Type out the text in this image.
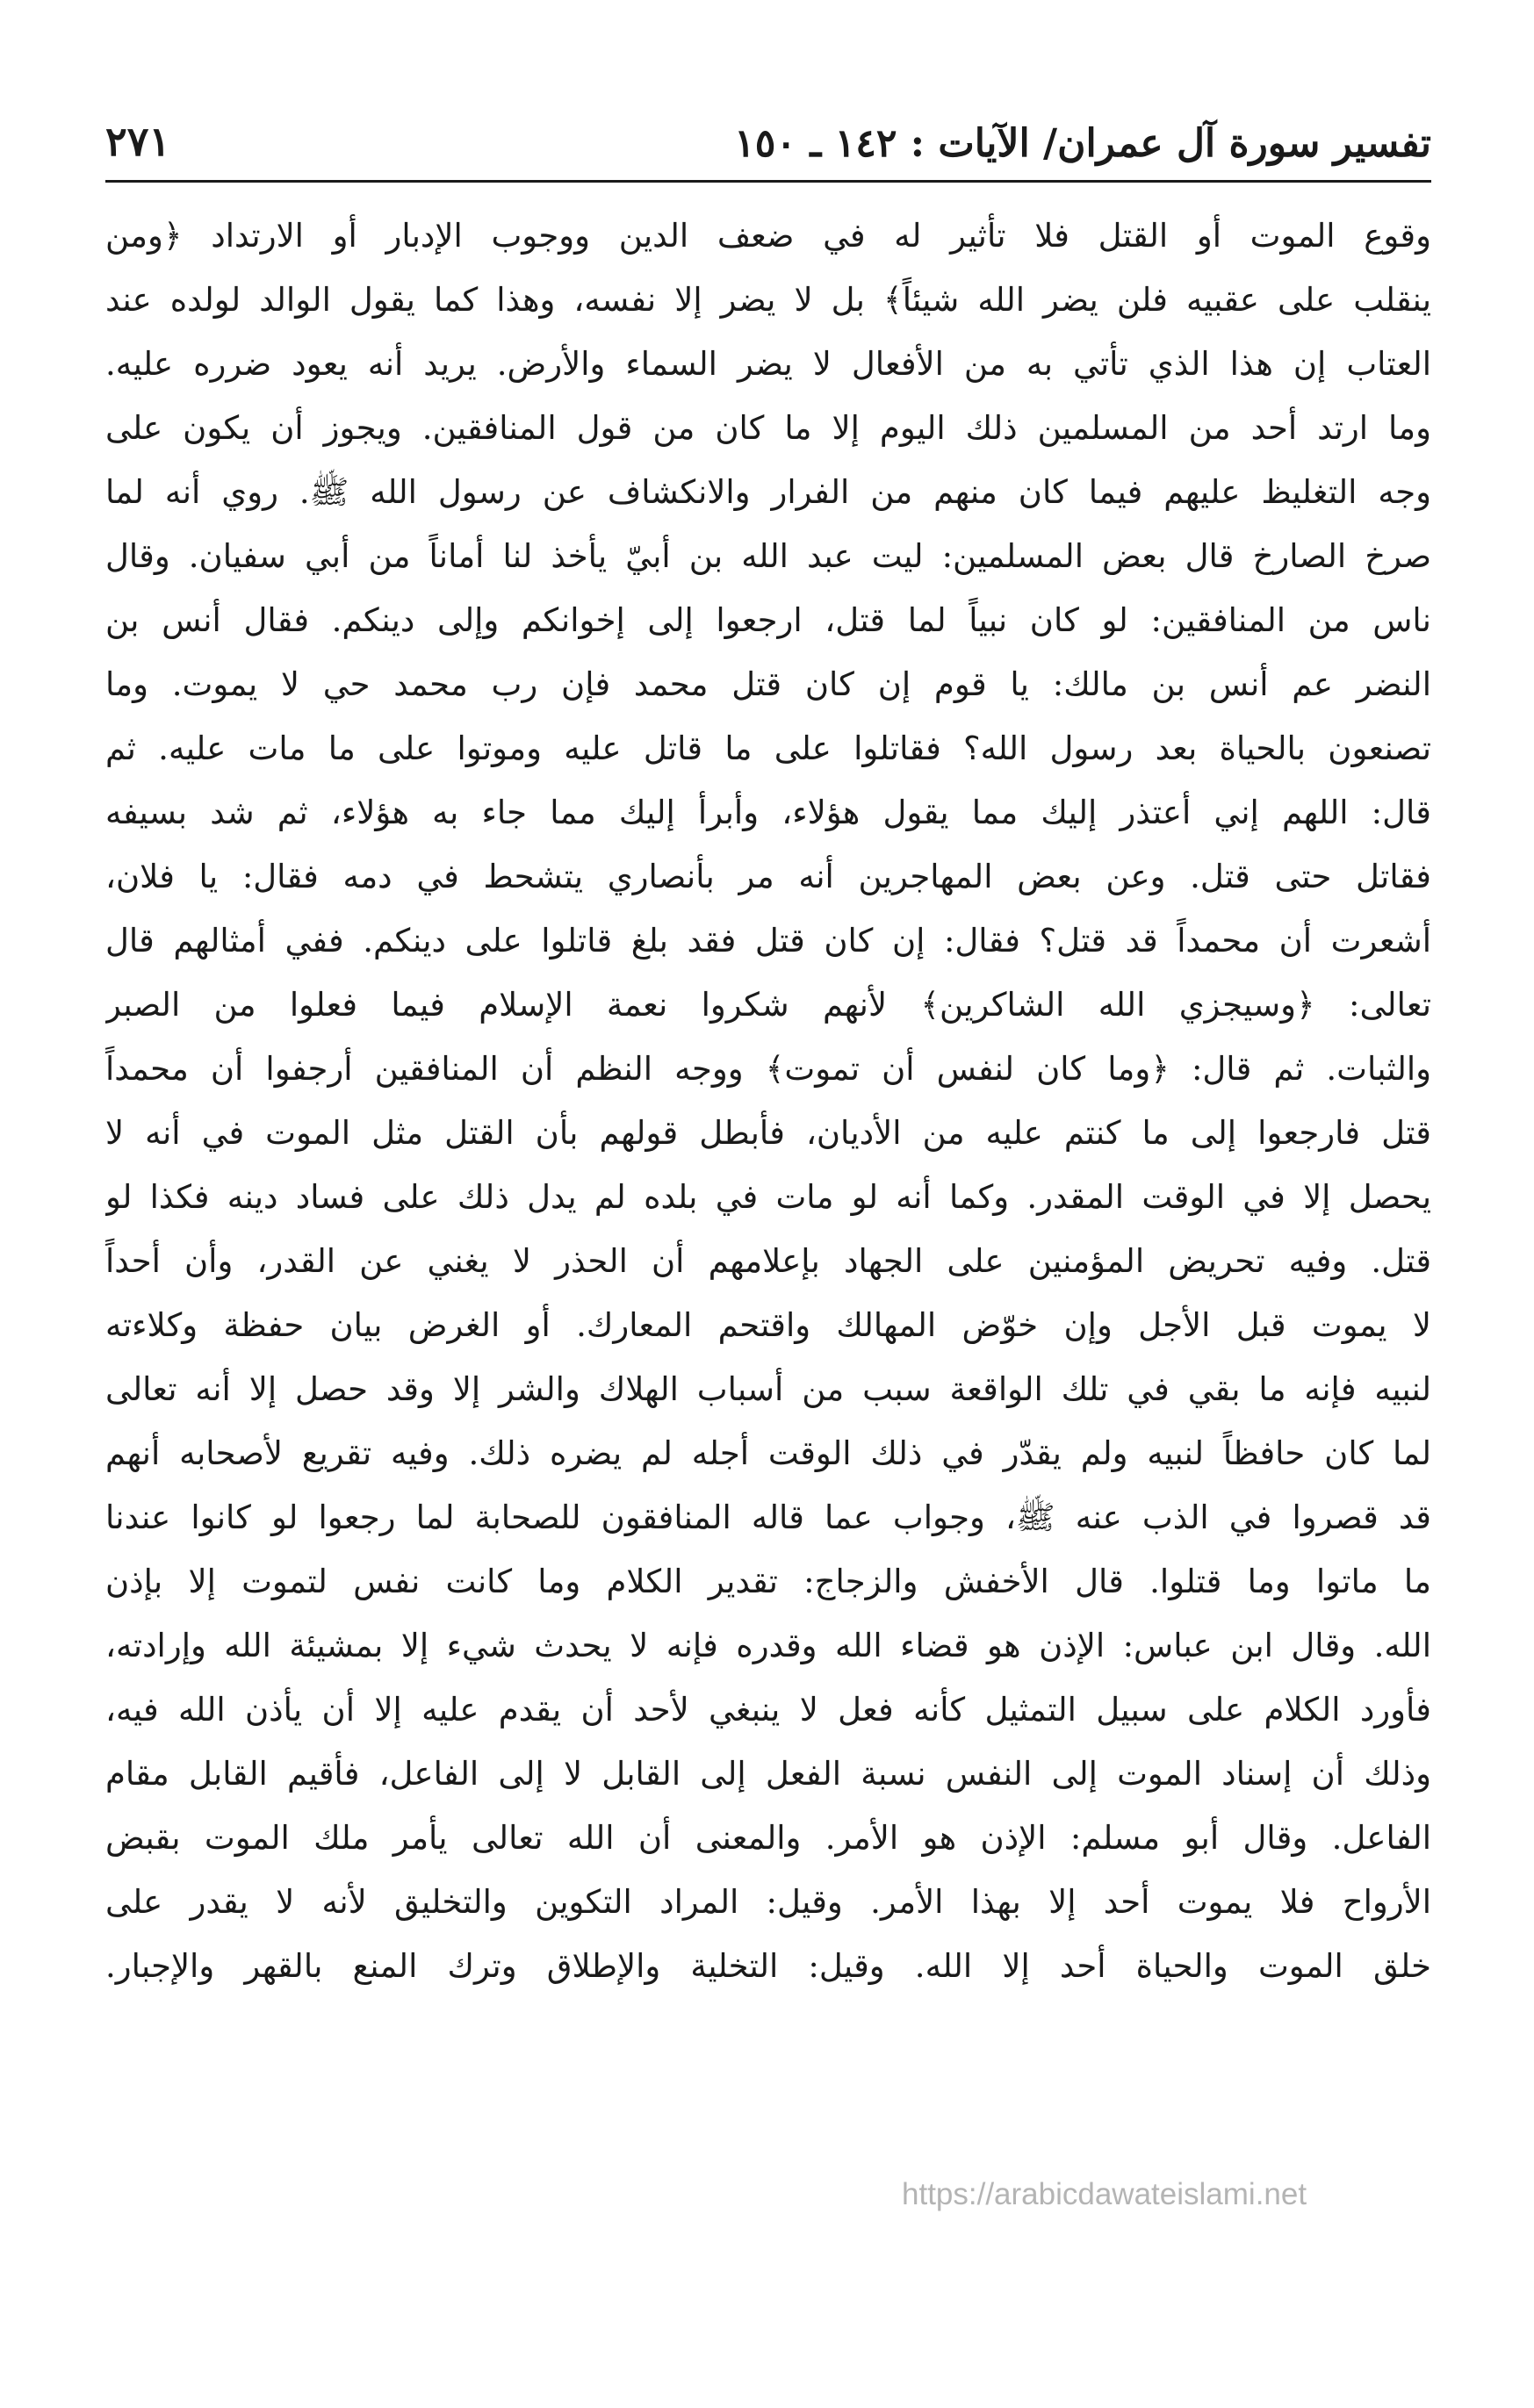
تفسير سورة آل عمران/ الآيات : ١٤٢ ـ ١٥٠
٢٧١
وقوع الموت أو القتل فلا تأثير له في ضعف الدين ووجوب الإدبار أو الارتداد ﴿ومن
ينقلب على عقبيه فلن يضر الله شيئاً﴾ بل لا يضر إلا نفسه، وهذا كما يقول الوالد لولده عند
العتاب إن هذا الذي تأتي به من الأفعال لا يضر السماء والأرض. يريد أنه يعود ضرره عليه.
وما ارتد أحد من المسلمين ذلك اليوم إلا ما كان من قول المنافقين. ويجوز أن يكون على
وجه التغليظ عليهم فيما كان منهم من الفرار والانكشاف عن رسول الله ﷺ. روي أنه لما
صرخ الصارخ قال بعض المسلمين: ليت عبد الله بن أبيّ يأخذ لنا أماناً من أبي سفيان. وقال
ناس من المنافقين: لو كان نبياً لما قتل، ارجعوا إلى إخوانكم وإلى دينكم. فقال أنس بن
النضر عم أنس بن مالك: يا قوم إن كان قتل محمد فإن رب محمد حي لا يموت. وما
تصنعون بالحياة بعد رسول الله؟ فقاتلوا على ما قاتل عليه وموتوا على ما مات عليه. ثم
قال: اللهم إني أعتذر إليك مما يقول هؤلاء، وأبرأ إليك مما جاء به هؤلاء، ثم شد بسيفه
فقاتل حتى قتل. وعن بعض المهاجرين أنه مر بأنصاري يتشحط في دمه فقال: يا فلان،
أشعرت أن محمداً قد قتل؟ فقال: إن كان قتل فقد بلغ قاتلوا على دينكم. ففي أمثالهم قال
تعالى: ﴿وسيجزي الله الشاكرين﴾ لأنهم شكروا نعمة الإسلام فيما فعلوا من الصبر
والثبات. ثم قال: ﴿وما كان لنفس أن تموت﴾ ووجه النظم أن المنافقين أرجفوا أن محمداً
قتل فارجعوا إلى ما كنتم عليه من الأديان، فأبطل قولهم بأن القتل مثل الموت في أنه لا
يحصل إلا في الوقت المقدر. وكما أنه لو مات في بلده لم يدل ذلك على فساد دينه فكذا لو
قتل. وفيه تحريض المؤمنين على الجهاد بإعلامهم أن الحذر لا يغني عن القدر، وأن أحداً
لا يموت قبل الأجل وإن خوّض المهالك واقتحم المعارك. أو الغرض بيان حفظة وكلاءته
لنبيه فإنه ما بقي في تلك الواقعة سبب من أسباب الهلاك والشر إلا وقد حصل إلا أنه تعالى
لما كان حافظاً لنبيه ولم يقدّر في ذلك الوقت أجله لم يضره ذلك. وفيه تقريع لأصحابه أنهم
قد قصروا في الذب عنه ﷺ، وجواب عما قاله المنافقون للصحابة لما رجعوا لو كانوا عندنا
ما ماتوا وما قتلوا. قال الأخفش والزجاج: تقدير الكلام وما كانت نفس لتموت إلا بإذن
الله. وقال ابن عباس: الإذن هو قضاء الله وقدره فإنه لا يحدث شيء إلا بمشيئة الله وإرادته،
فأورد الكلام على سبيل التمثيل كأنه فعل لا ينبغي لأحد أن يقدم عليه إلا أن يأذن الله فيه،
وذلك أن إسناد الموت إلى النفس نسبة الفعل إلى القابل لا إلى الفاعل، فأقيم القابل مقام
الفاعل. وقال أبو مسلم: الإذن هو الأمر. والمعنى أن الله تعالى يأمر ملك الموت بقبض
الأرواح فلا يموت أحد إلا بهذا الأمر. وقيل: المراد التكوين والتخليق لأنه لا يقدر على
خلق الموت والحياة أحد إلا الله. وقيل: التخلية والإطلاق وترك المنع بالقهر والإجبار.
https://arabicdawateislami.net
